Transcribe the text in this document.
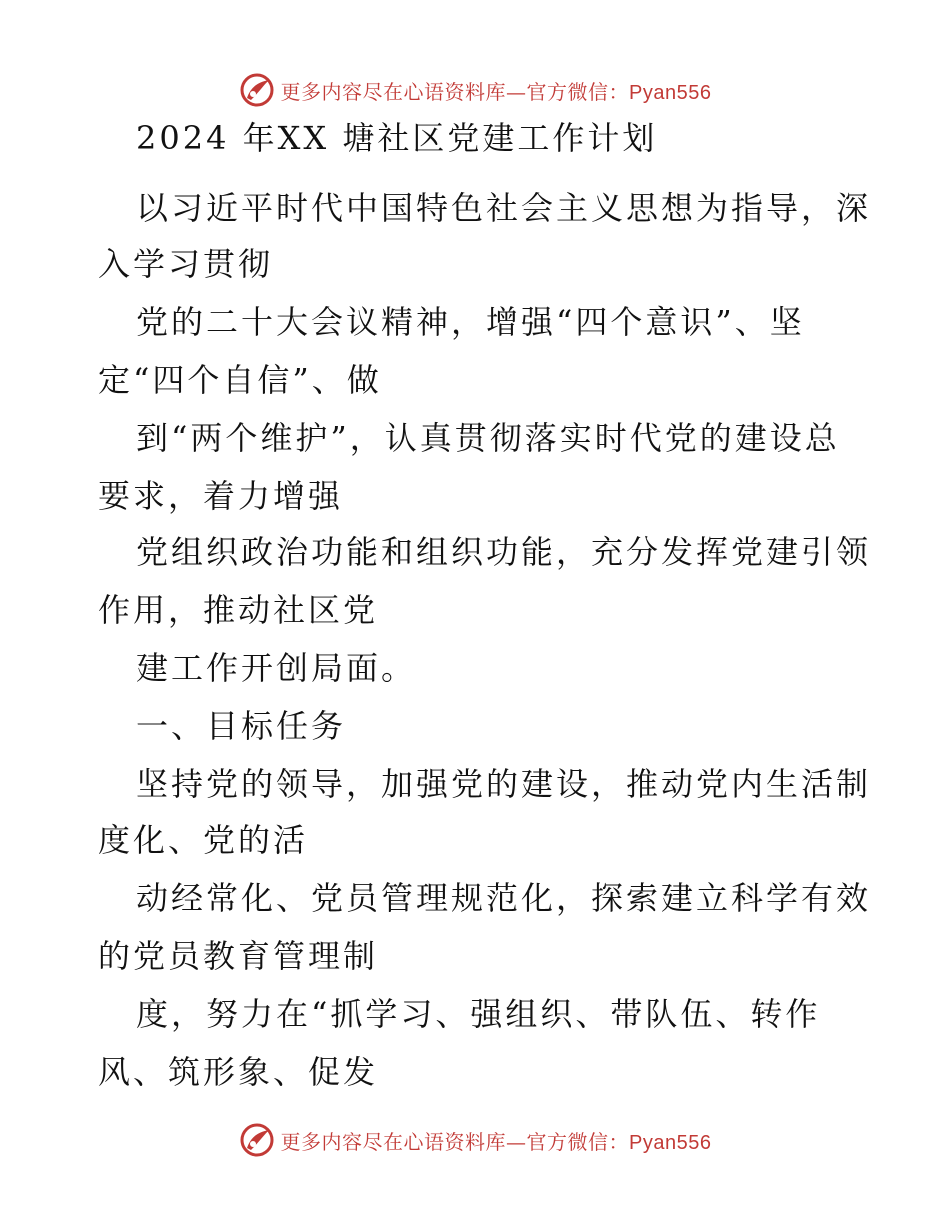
更多内容尽在心语资料库—官方微信：Pyan556
2024 年XX 塘社区党建工作计划
以习近平时代中国特色社会主义思想为指导，深
入学习贯彻
党的二十大会议精神，增强“四个意识”、坚
定“四个自信”、做
到“两个维护”，认真贯彻落实时代党的建设总
要求，着力增强
党组织政治功能和组织功能，充分发挥党建引领
作用，推动社区党
建工作开创局面。
一、目标任务
坚持党的领导，加强党的建设，推动党内生活制
度化、党的活
动经常化、党员管理规范化，探索建立科学有效
的党员教育管理制
度，努力在“抓学习、强组织、带队伍、转作
风、筑形象、促发
更多内容尽在心语资料库—官方微信：Pyan556
